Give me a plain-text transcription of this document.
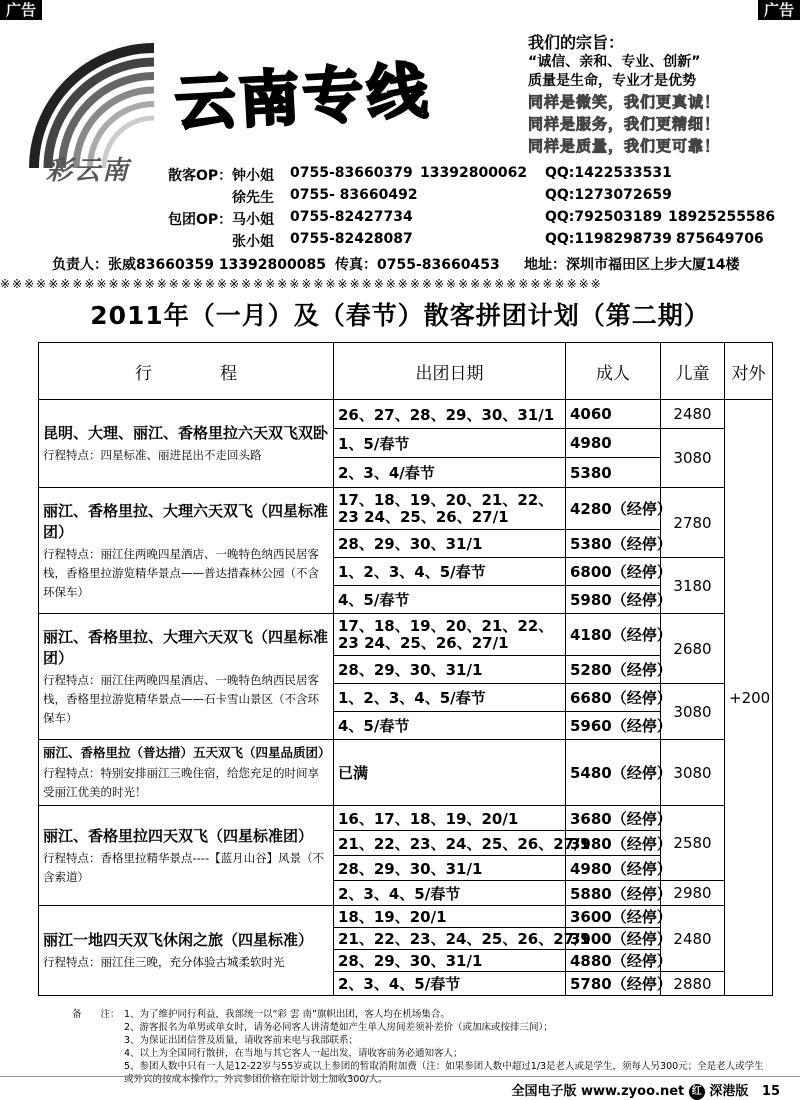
广告	广告
彩云南
云南专线
我们的宗旨：
“诚信、亲和、专业、创新”
质量是生命，专业才是优势
同样是微笑，我们更真诚！
同样是服务，我们更精细！
同样是质量，我们更可靠！
散客OP： 钟小姐 0755-83660379 13392800062 QQ:1422533531
徐先生 0755- 83660492	QQ:1273072659
包团OP： 马小姐 0755-82427734	QQ:792503189 18925255586
张小姐 0755-82428087	QQ:1198298739 875649706
负责人：张威83660359 13392800085 传真：0755-83660453 地址：深圳市福田区上步大厦14楼
※※※※※※※※※※※※※※※※※※※※※※※※※※※※※※※※※※※※※※※※※※※※※※※※※※
2011年（一月）及（春节）散客拼团计划（第二期）
行　　　　程	出团日期	成人	儿童	对外

昆明、大理、丽江、香格里拉六天双飞双卧
行程特点：四星标准、丽进昆出不走回头路	26、27、28、29、30、31/1	4060	2480	+200
	1、5/春节	4980	3080	
	2、3、4/春节	5380		

丽江、香格里拉、大理六天双飞（四星标准团）
行程特点：丽江住两晚四星酒店、一晚特色纳西民居客栈，香格里拉游览精华景点——普达措森林公园（不含环保车）	17、18、19、20、21、22、23 24、25、26、27/1	4280（经停）	2780	
	28、29、30、31/1	5380（经停）		
	1、2、3、4、5/春节	6800（经停）	3180	
	4、5/春节	5980（经停）		

丽江、香格里拉、大理六天双飞（四星标准团）
行程特点：丽江住两晚四星酒店、一晚特色纳西民居客栈，香格里拉游览精华景点——石卡雪山景区（不含环保车）	17、18、19、20、21、22、23 24、25、26、27/1	4180（经停）	2680	
	28、29、30、31/1	5280（经停）		
	1、2、3、4、5/春节	6680（经停）	3080	
	4、5/春节	5960（经停）		

丽江、香格里拉（普达措）五天双飞（四星品质团）
行程特点：特别安排丽江三晚住宿，给您充足的时间享受丽江优美的时光！	已满	5480（经停）	3080	

丽江、香格里拉四天双飞（四星标准团）
行程特点：香格里拉精华景点----【蓝月山谷】风景（不含索道）	16、17、18、19、20/1	3680（经停）	2580	
	21、22、23、24、25、26、27/1	3980（经停）		
	28、29、30、31/1	4980（经停）		
	2、3、4、5/春节	5880（经停）	2980	

丽江一地四天双飞休闲之旅（四星标准）
行程特点：丽江住三晚，充分体验古城柔软时光	18、19、20/1	3600（经停）	2480	
	21、22、23、24、25、26、27/1	3900（经停）		
	28、29、30、31/1	4880（经停）		
	2、3、4、5/春节	5780（经停）	2880	
备　　注： 1、为了维护同行利益，我部统一以“彩 雲 南”旗帜出团，客人均在机场集合。
2、游客报名为单男或单女时，请务必同客人讲清楚如产生单人房间差须补差价（或加床或按排三间）；
3、为保证出团信誉及质量，请收客前来电与我部联系；
4、以上为全国同行散拼，在当地与其它客人一起出发，请收客前务必通知客人；
5、参团人数中只有一人是12-22岁与55岁或以上参团的暂取消附加费（注：如果参团人数中超过1/3是老人或是学生，须每人另300元；全是老人或学生或外宾的按成本操作）。外宾参团价格在原计划上加收300/人。
全国电子版 www.zyoo.net 红 深港版 15
